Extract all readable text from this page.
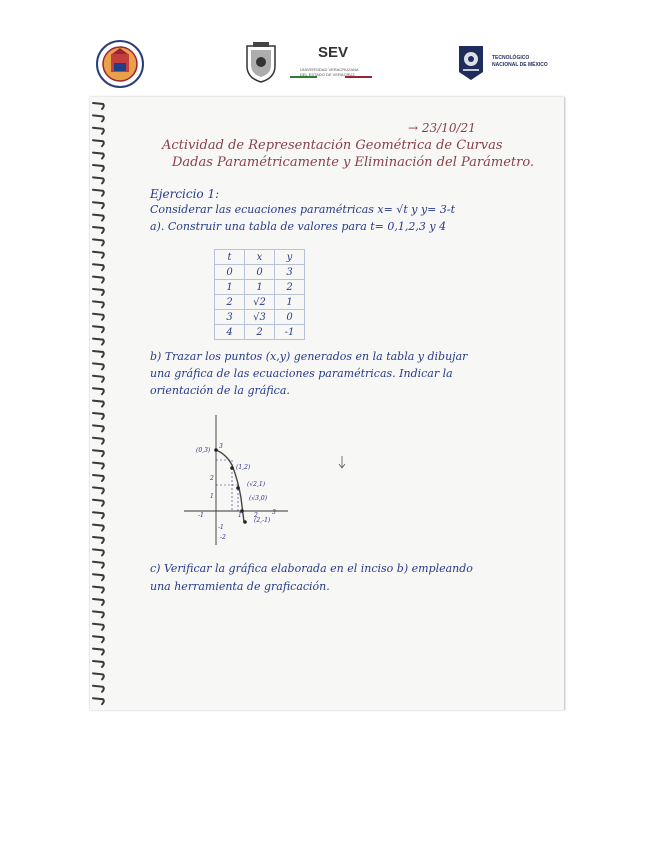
SEV
UNIVERSIDAD VERACRUZANA
DEL ESTADO DE VERACRUZ
TECNOLÓGICO
NACIONAL DE MÉXICO
→ 23/10/21
Actividad de Representación Geométrica de Curvas
Dadas Paramétricamente y Eliminación del Parámetro.
Ejercicio 1:
Considerar las ecuaciones paramétricas x= √t y y= 3-t
a). Construir una tabla de valores para t= 0,1,2,3 y 4
t	x	y
0	0	3
1	1	2
2	√2	1
3	√3	0
4	2	-1
b) Trazar los puntos (x,y) generados en la tabla y dibujar
una gráfica de las ecuaciones paramétricas. Indicar la
orientación de la gráfica.
(0,3)
(1,2)
(√2,1)
(√3,0)
(2,-1)
3
2
1
-1
-2
-1	1 2 3
c) Verificar la gráfica elaborada en el inciso b) empleando
una herramienta de graficación.
